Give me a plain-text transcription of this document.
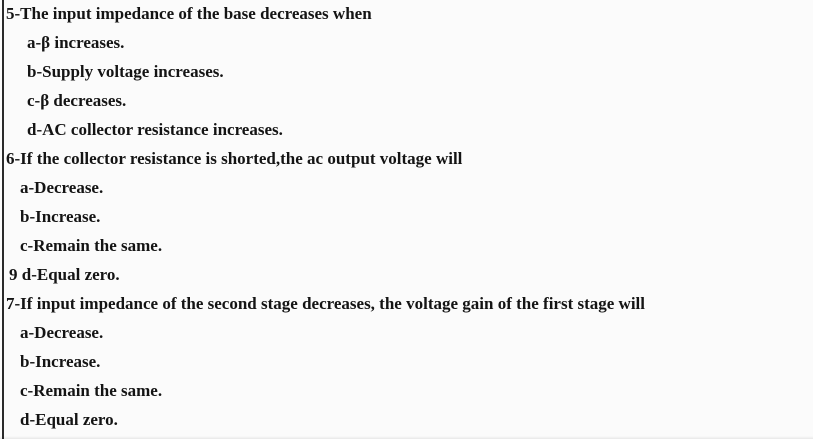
5-The input impedance of the base decreases when
a-β increases.
b-Supply voltage increases.
c-β decreases.
d-AC collector resistance increases.
6-If the collector resistance is shorted,the ac output voltage will
a-Decrease.
b-Increase.
c-Remain the same.
9 d-Equal zero.
7-If input impedance of the second stage decreases, the voltage gain of the first stage will
a-Decrease.
b-Increase.
c-Remain the same.
d-Equal zero.
